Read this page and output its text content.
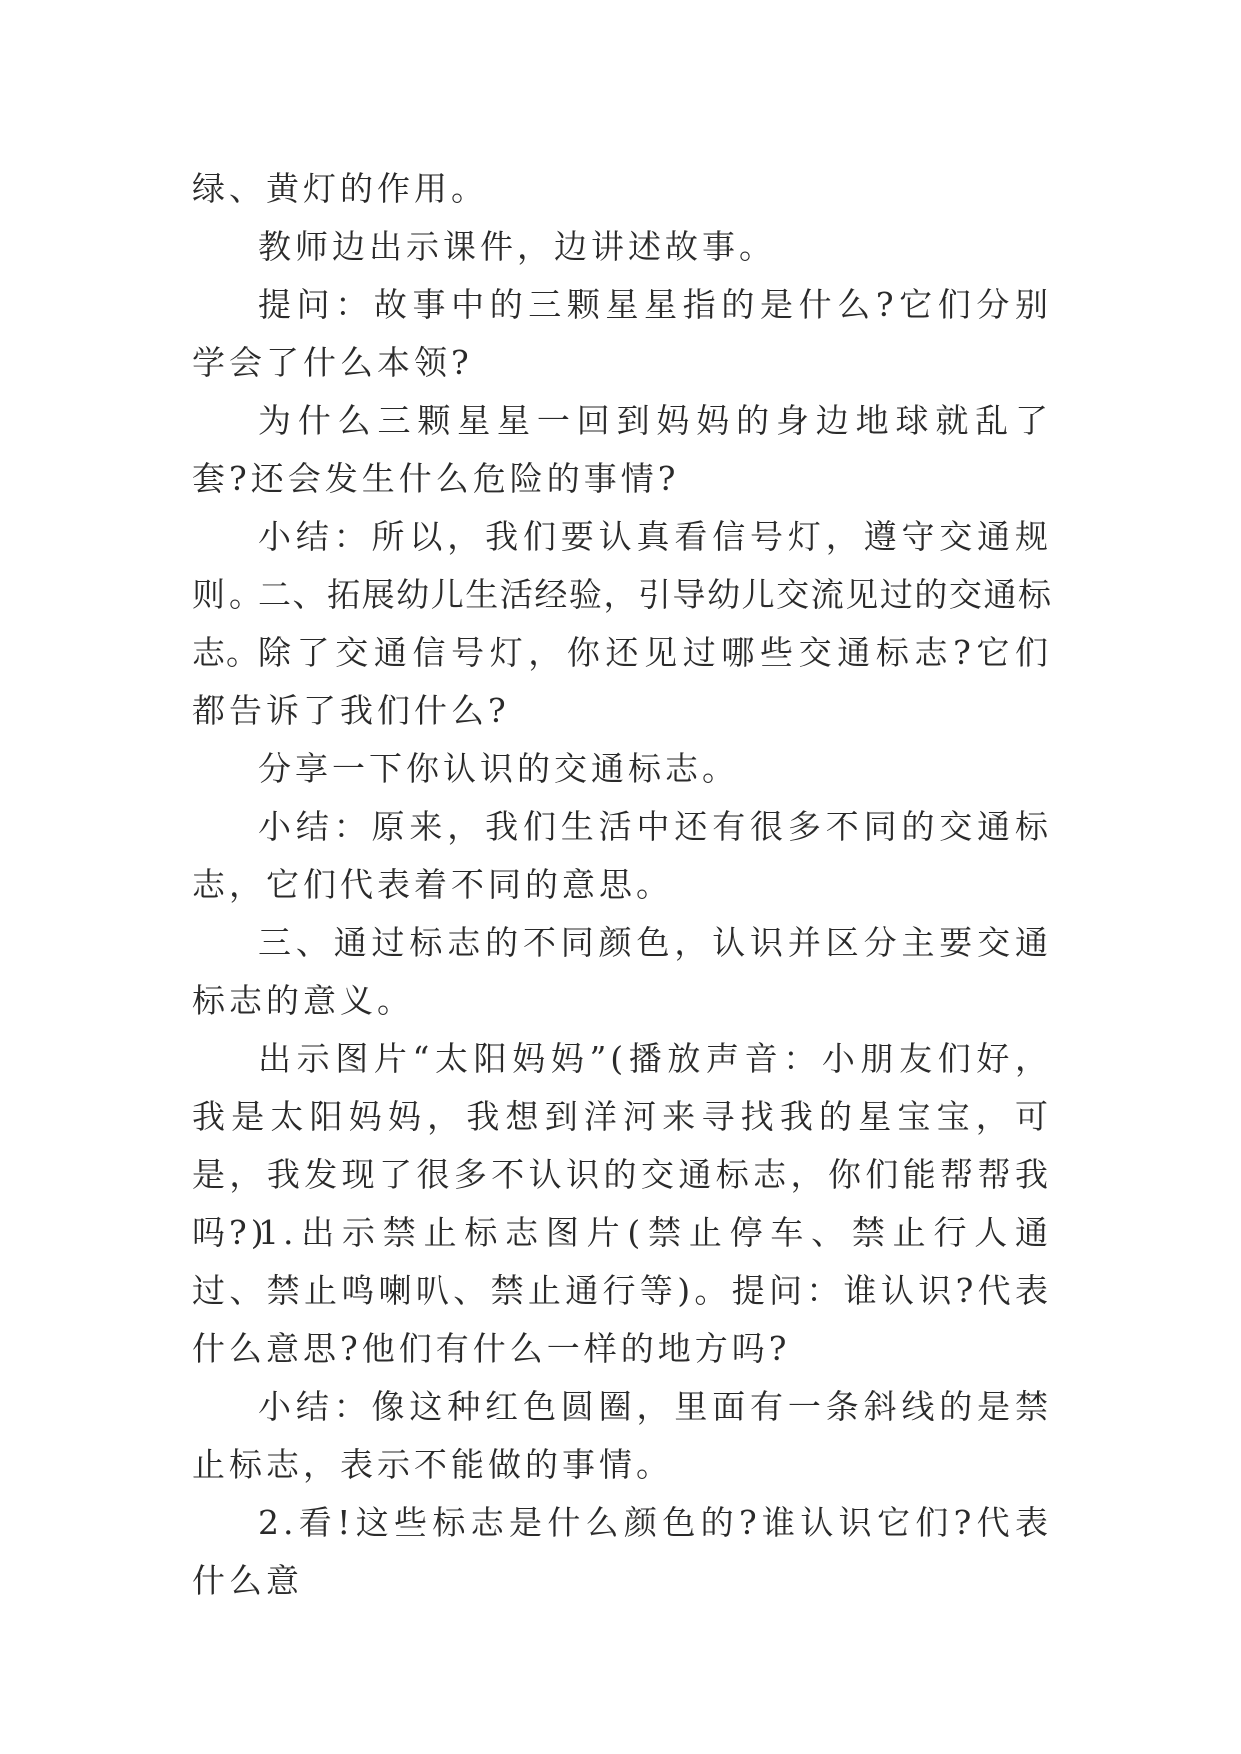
绿、黄灯的作用。

教师边出示课件，边讲述故事。

提问：故事中的三颗星星指的是什么?它们分别学会了什么本领?

为什么三颗星星一回到妈妈的身边地球就乱了套?还会发生什么危险的事情?

小结：所以，我们要认真看信号灯，遵守交通规则。

二、拓展幼儿生活经验，引导幼儿交流见过的交通标志。

除了交通信号灯，你还见过哪些交通标志?它们都告诉了我们什么?

分享一下你认识的交通标志。

小结：原来，我们生活中还有很多不同的交通标志，它们代表着不同的意思。

三、通过标志的不同颜色，认识并区分主要交通标志的意义。

出示图片“太阳妈妈”(播放声音：小朋友们好，我是太阳妈妈，我想到洋河来寻找我的星宝宝，可是，我发现了很多不认识的交通标志，你们能帮帮我吗?)

1.出示禁止标志图片(禁止停车、禁止行人通过、禁止鸣喇叭、禁止通行等)。提问：谁认识?代表什么意思?他们有什么一样的地方吗?

小结：像这种红色圆圈，里面有一条斜线的是禁止标志，表示不能做的事情。

2.看!这些标志是什么颜色的?谁认识它们?代表什么意
